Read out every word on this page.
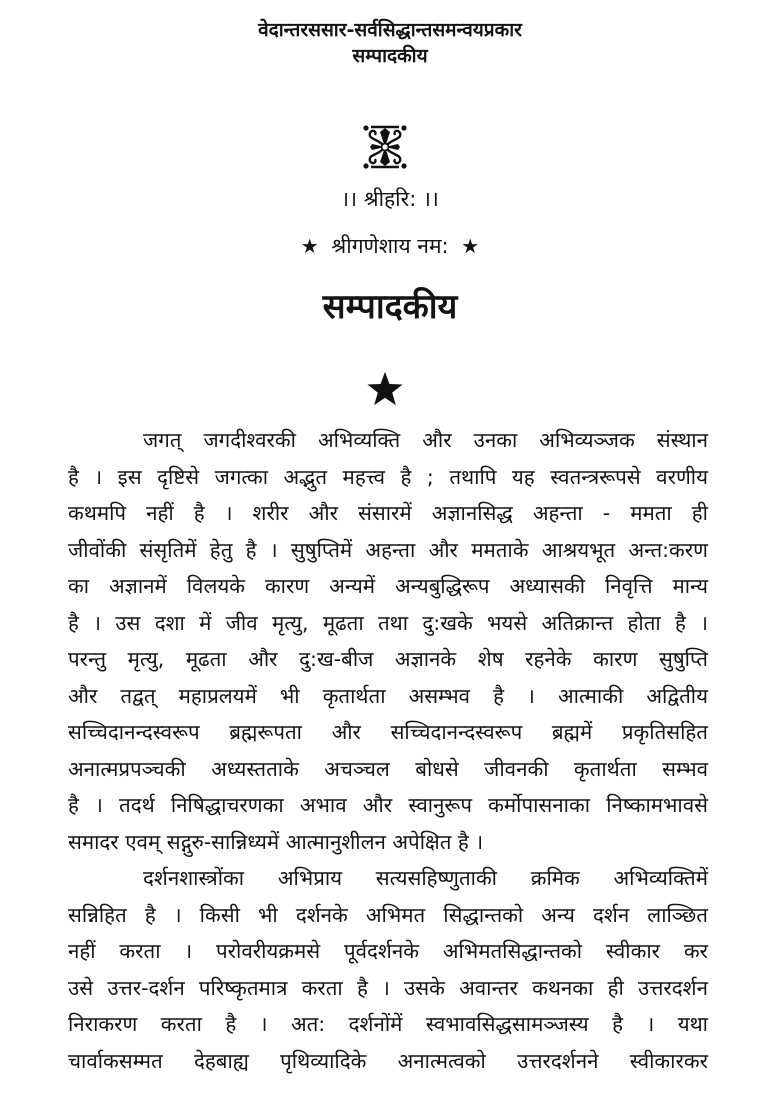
वेदान्तरससार-सर्वसिद्धान्तसमन्वयप्रकार
सम्पादकीय
।। श्रीहरि: ।।
★ श्रीगणेशाय नम: ★
सम्पादकीय
जगत् जगदीश्वरकी अभिव्यक्ति और उनका अभिव्यञ्जक संस्थान
है । इस दृष्टिसे जगत्का अद्भुत महत्त्व है ; तथापि यह स्वतन्त्ररूपसे वरणीय
कथमपि नहीं है । शरीर और संसारमें अज्ञानसिद्ध अहन्ता - ममता ही
जीवोंकी संसृतिमें हेतु है । सुषुप्तिमें अहन्ता और ममताके आश्रयभूत अन्त:करण
का अज्ञानमें विलयके कारण अन्यमें अन्यबुद्धिरूप अध्यासकी निवृत्ति मान्य
है । उस दशा में जीव मृत्यु, मूढता तथा दु:खके भयसे अतिक्रान्त होता है ।
परन्तु मृत्यु, मूढता और दु:ख-बीज अज्ञानके शेष रहनेके कारण सुषुप्ति
और तद्वत् महाप्रलयमें भी कृतार्थता असम्भव है । आत्माकी अद्वितीय
सच्चिदानन्दस्वरूप ब्रह्मरूपता और सच्चिदानन्दस्वरूप ब्रह्ममें प्रकृतिसहित
अनात्मप्रपञ्चकी अध्यस्तताके अचञ्चल बोधसे जीवनकी कृतार्थता सम्भव
है । तदर्थ निषिद्धाचरणका अभाव और स्वानुरूप कर्मोपासनाका निष्कामभावसे
समादर एवम् सद्गुरु-सान्निध्यमें आत्मानुशीलन अपेक्षित है ।
दर्शनशास्त्रोंका अभिप्राय सत्यसहिष्णुताकी क्रमिक अभिव्यक्तिमें
सन्निहित है । किसी भी दर्शनके अभिमत सिद्धान्तको अन्य दर्शन लाञ्छित
नहीं करता । परोवरीयक्रमसे पूर्वदर्शनके अभिमतसिद्धान्तको स्वीकार कर
उसे उत्तर-दर्शन परिष्कृतमात्र करता है । उसके अवान्तर कथनका ही उत्तरदर्शन
निराकरण करता है । अत: दर्शनोंमें स्वभावसिद्धसामञ्जस्य है । यथा
चार्वाकसम्मत देहबाह्य पृथिव्यादिके अनात्मत्वको उत्तरदर्शनने स्वीकारकर
